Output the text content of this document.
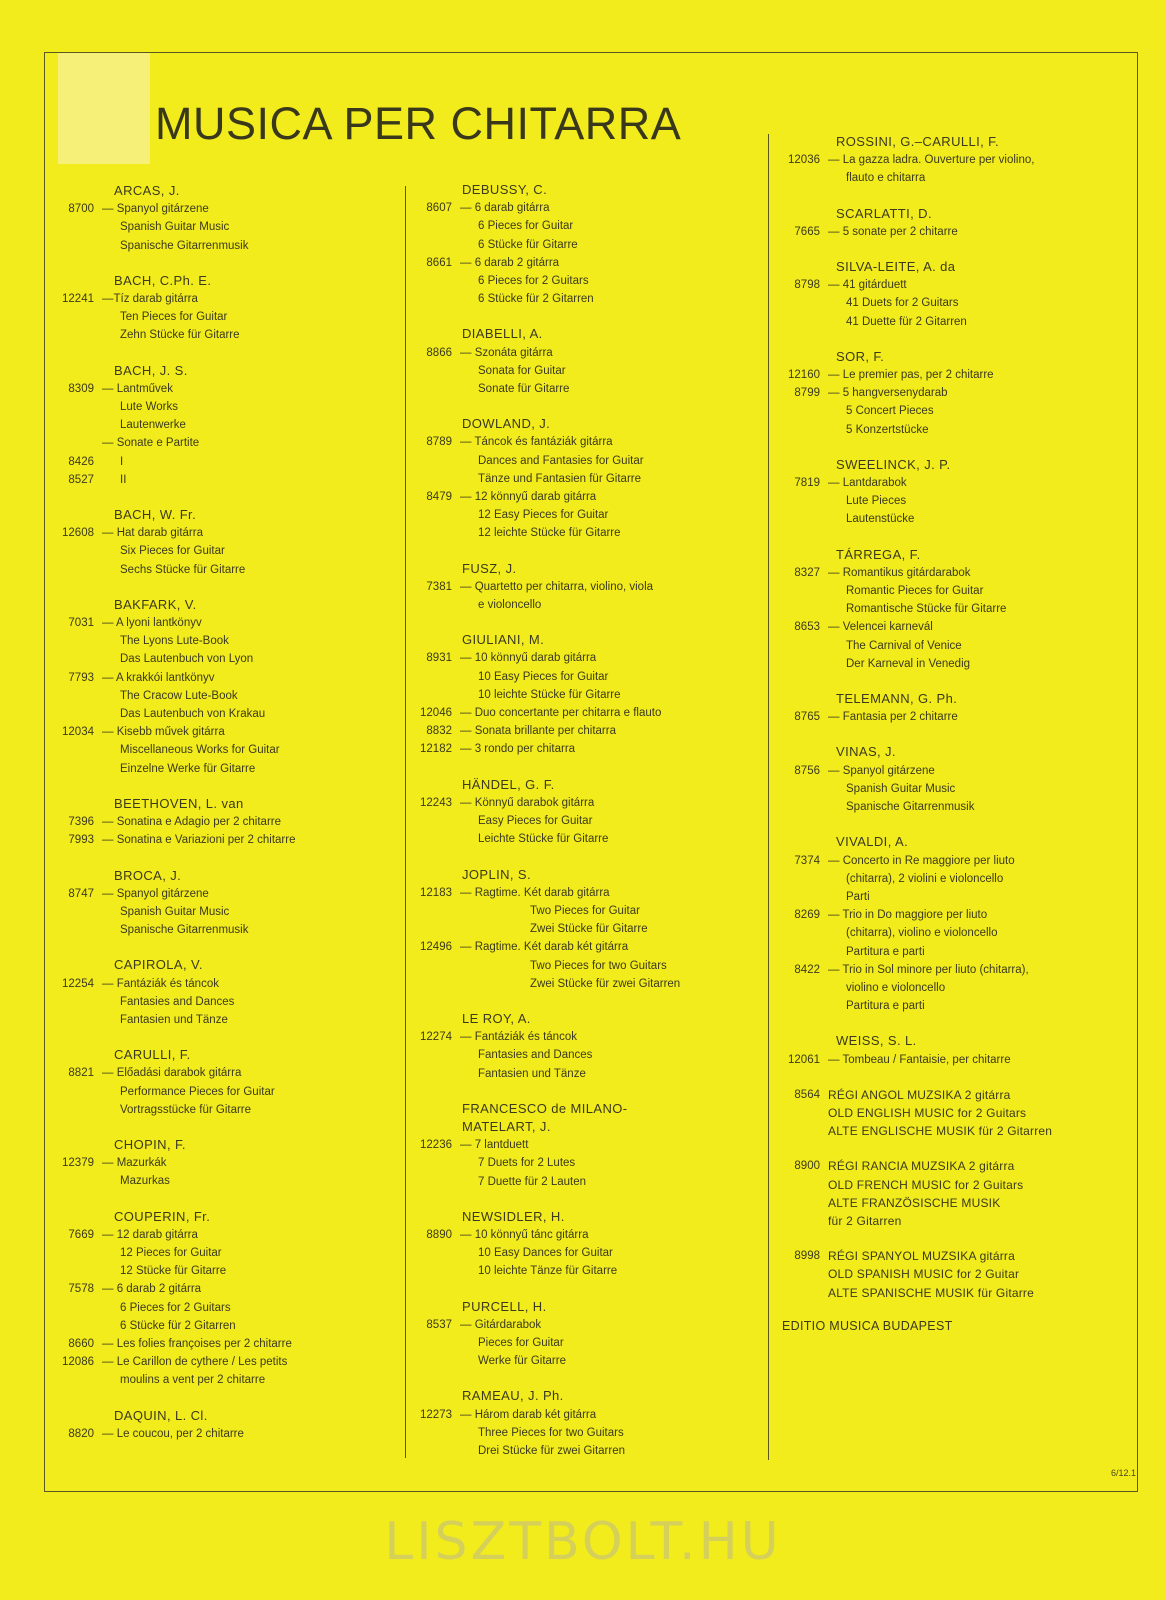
MUSICA PER CHITARRA
ARCAS, J.
8700 — Spanyol gitárzene
Spanish Guitar Music
Spanische Gitarrenmusik
BACH, C.Ph. E.
12241 —Tíz darab gitárra
Ten Pieces for Guitar
Zehn Stücke für Gitarre
BACH, J. S.
8309 — Lantművek
Lute Works
Lautenwerke
— Sonate e Partite
8426	I
8527	II
BACH, W. Fr.
12608 — Hat darab gitárra
Six Pieces for Guitar
Sechs Stücke für Gitarre
BAKFARK, V.
7031 — A lyoni lantkönyv
The Lyons Lute-Book
Das Lautenbuch von Lyon
7793 — A krakkói lantkönyv
The Cracow Lute-Book
Das Lautenbuch von Krakau
12034 — Kisebb művek gitárra
Miscellaneous Works for Guitar
Einzelne Werke für Gitarre
BEETHOVEN, L. van
7396 — Sonatina e Adagio per 2 chitarre
7993 — Sonatina e Variazioni per 2 chitarre
BROCA, J.
8747 — Spanyol gitárzene
Spanish Guitar Music
Spanische Gitarrenmusik
CAPIROLA, V.
12254 — Fantáziák és táncok
Fantasies and Dances
Fantasien und Tänze
CARULLI, F.
8821 — Előadási darabok gitárra
Performance Pieces for Guitar
Vortragsstücke für Gitarre
CHOPIN, F.
12379 — Mazurkák
Mazurkas
COUPERIN, Fr.
7669 — 12 darab gitárra
12 Pieces for Guitar
12 Stücke für Gitarre
7578 — 6 darab 2 gitárra
6 Pieces for 2 Guitars
6 Stücke für 2 Gitarren
8660 — Les folies françoises per 2 chitarre
12086 — Le Carillon de cythere / Les petits
moulins a vent per 2 chitarre
DAQUIN, L. Cl.
8820 — Le coucou, per 2 chitarre
DEBUSSY, C.
8607 — 6 darab gitárra
6 Pieces for Guitar
6 Stücke für Gitarre
8661 — 6 darab 2 gitárra
6 Pieces for 2 Guitars
6 Stücke für 2 Gitarren
DIABELLI, A.
8866 — Szonáta gitárra
Sonata for Guitar
Sonate für Gitarre
DOWLAND, J.
8789 — Táncok és fantáziák gitárra
Dances and Fantasies for Guitar
Tänze und Fantasien für Gitarre
8479 — 12 könnyű darab gitárra
12 Easy Pieces for Guitar
12 leichte Stücke für Gitarre
FUSZ, J.
7381 — Quartetto per chitarra, violino, viola
e violoncello
GIULIANI, M.
8931 — 10 könnyű darab gitárra
10 Easy Pieces for Guitar
10 leichte Stücke für Gitarre
12046 — Duo concertante per chitarra e flauto
8832 — Sonata brillante per chitarra
12182 — 3 rondo per chitarra
HÄNDEL, G. F.
12243 — Könnyű darabok gitárra
Easy Pieces for Guitar
Leichte Stücke für Gitarre
JOPLIN, S.
12183 — Ragtime. Két darab gitárra
Two Pieces for Guitar
Zwei Stücke für Gitarre
12496 — Ragtime. Két darab két gitárra
Two Pieces for two Guitars
Zwei Stücke für zwei Gitarren
LE ROY, A.
12274 — Fantáziák és táncok
Fantasies and Dances
Fantasien und Tänze
FRANCESCO de MILANO-
MATELART, J.
12236 — 7 lantduett
7 Duets for 2 Lutes
7 Duette für 2 Lauten
NEWSIDLER, H.
8890 — 10 könnyű tánc gitárra
10 Easy Dances for Guitar
10 leichte Tänze für Gitarre
PURCELL, H.
8537 — Gitárdarabok
Pieces for Guitar
Werke für Gitarre
RAMEAU, J. Ph.
12273 — Három darab két gitárra
Three Pieces for two Guitars
Drei Stücke für zwei Gitarren
ROSSINI, G.–CARULLI, F.
12036 — La gazza ladra. Ouverture per violino,
flauto e chitarra
SCARLATTI, D.
7665 — 5 sonate per 2 chitarre
SILVA-LEITE, A. da
8798 — 41 gitárduett
41 Duets for 2 Guitars
41 Duette für 2 Gitarren
SOR, F.
12160 — Le premier pas, per 2 chitarre
8799 — 5 hangversenydarab
5 Concert Pieces
5 Konzertstücke
SWEELINCK, J. P.
7819 — Lantdarabok
Lute Pieces
Lautenstücke
TÁRREGA, F.
8327 — Romantikus gitárdarabok
Romantic Pieces for Guitar
Romantische Stücke für Gitarre
8653 — Velencei karnevál
The Carnival of Venice
Der Karneval in Venedig
TELEMANN, G. Ph.
8765 — Fantasia per 2 chitarre
VINAS, J.
8756 — Spanyol gitárzene
Spanish Guitar Music
Spanische Gitarrenmusik
VIVALDI, A.
7374 — Concerto in Re maggiore per liuto
(chitarra), 2 violini e violoncello
Parti
8269 — Trio in Do maggiore per liuto
(chitarra), violino e violoncello
Partitura e parti
8422 — Trio in Sol minore per liuto (chitarra),
violino e violoncello
Partitura e parti
WEISS, S. L.
12061 — Tombeau / Fantaisie, per chitarre
8564 RÉGI ANGOL MUZSIKA 2 gitárra
OLD ENGLISH MUSIC for 2 Guitars
ALTE ENGLISCHE MUSIK für 2 Gitarren
8900 RÉGI RANCIA MUZSIKA 2 gitárra
OLD FRENCH MUSIC for 2 Guitars
ALTE FRANZÖSISCHE MUSIK
für 2 Gitarren
8998 RÉGI SPANYOL MUZSIKA gitárra
OLD SPANISH MUSIC for 2 Guitar
ALTE SPANISCHE MUSIK für Gitarre
EDITIO MUSICA BUDAPEST
6/12.1
LISZTBOLT.HU
